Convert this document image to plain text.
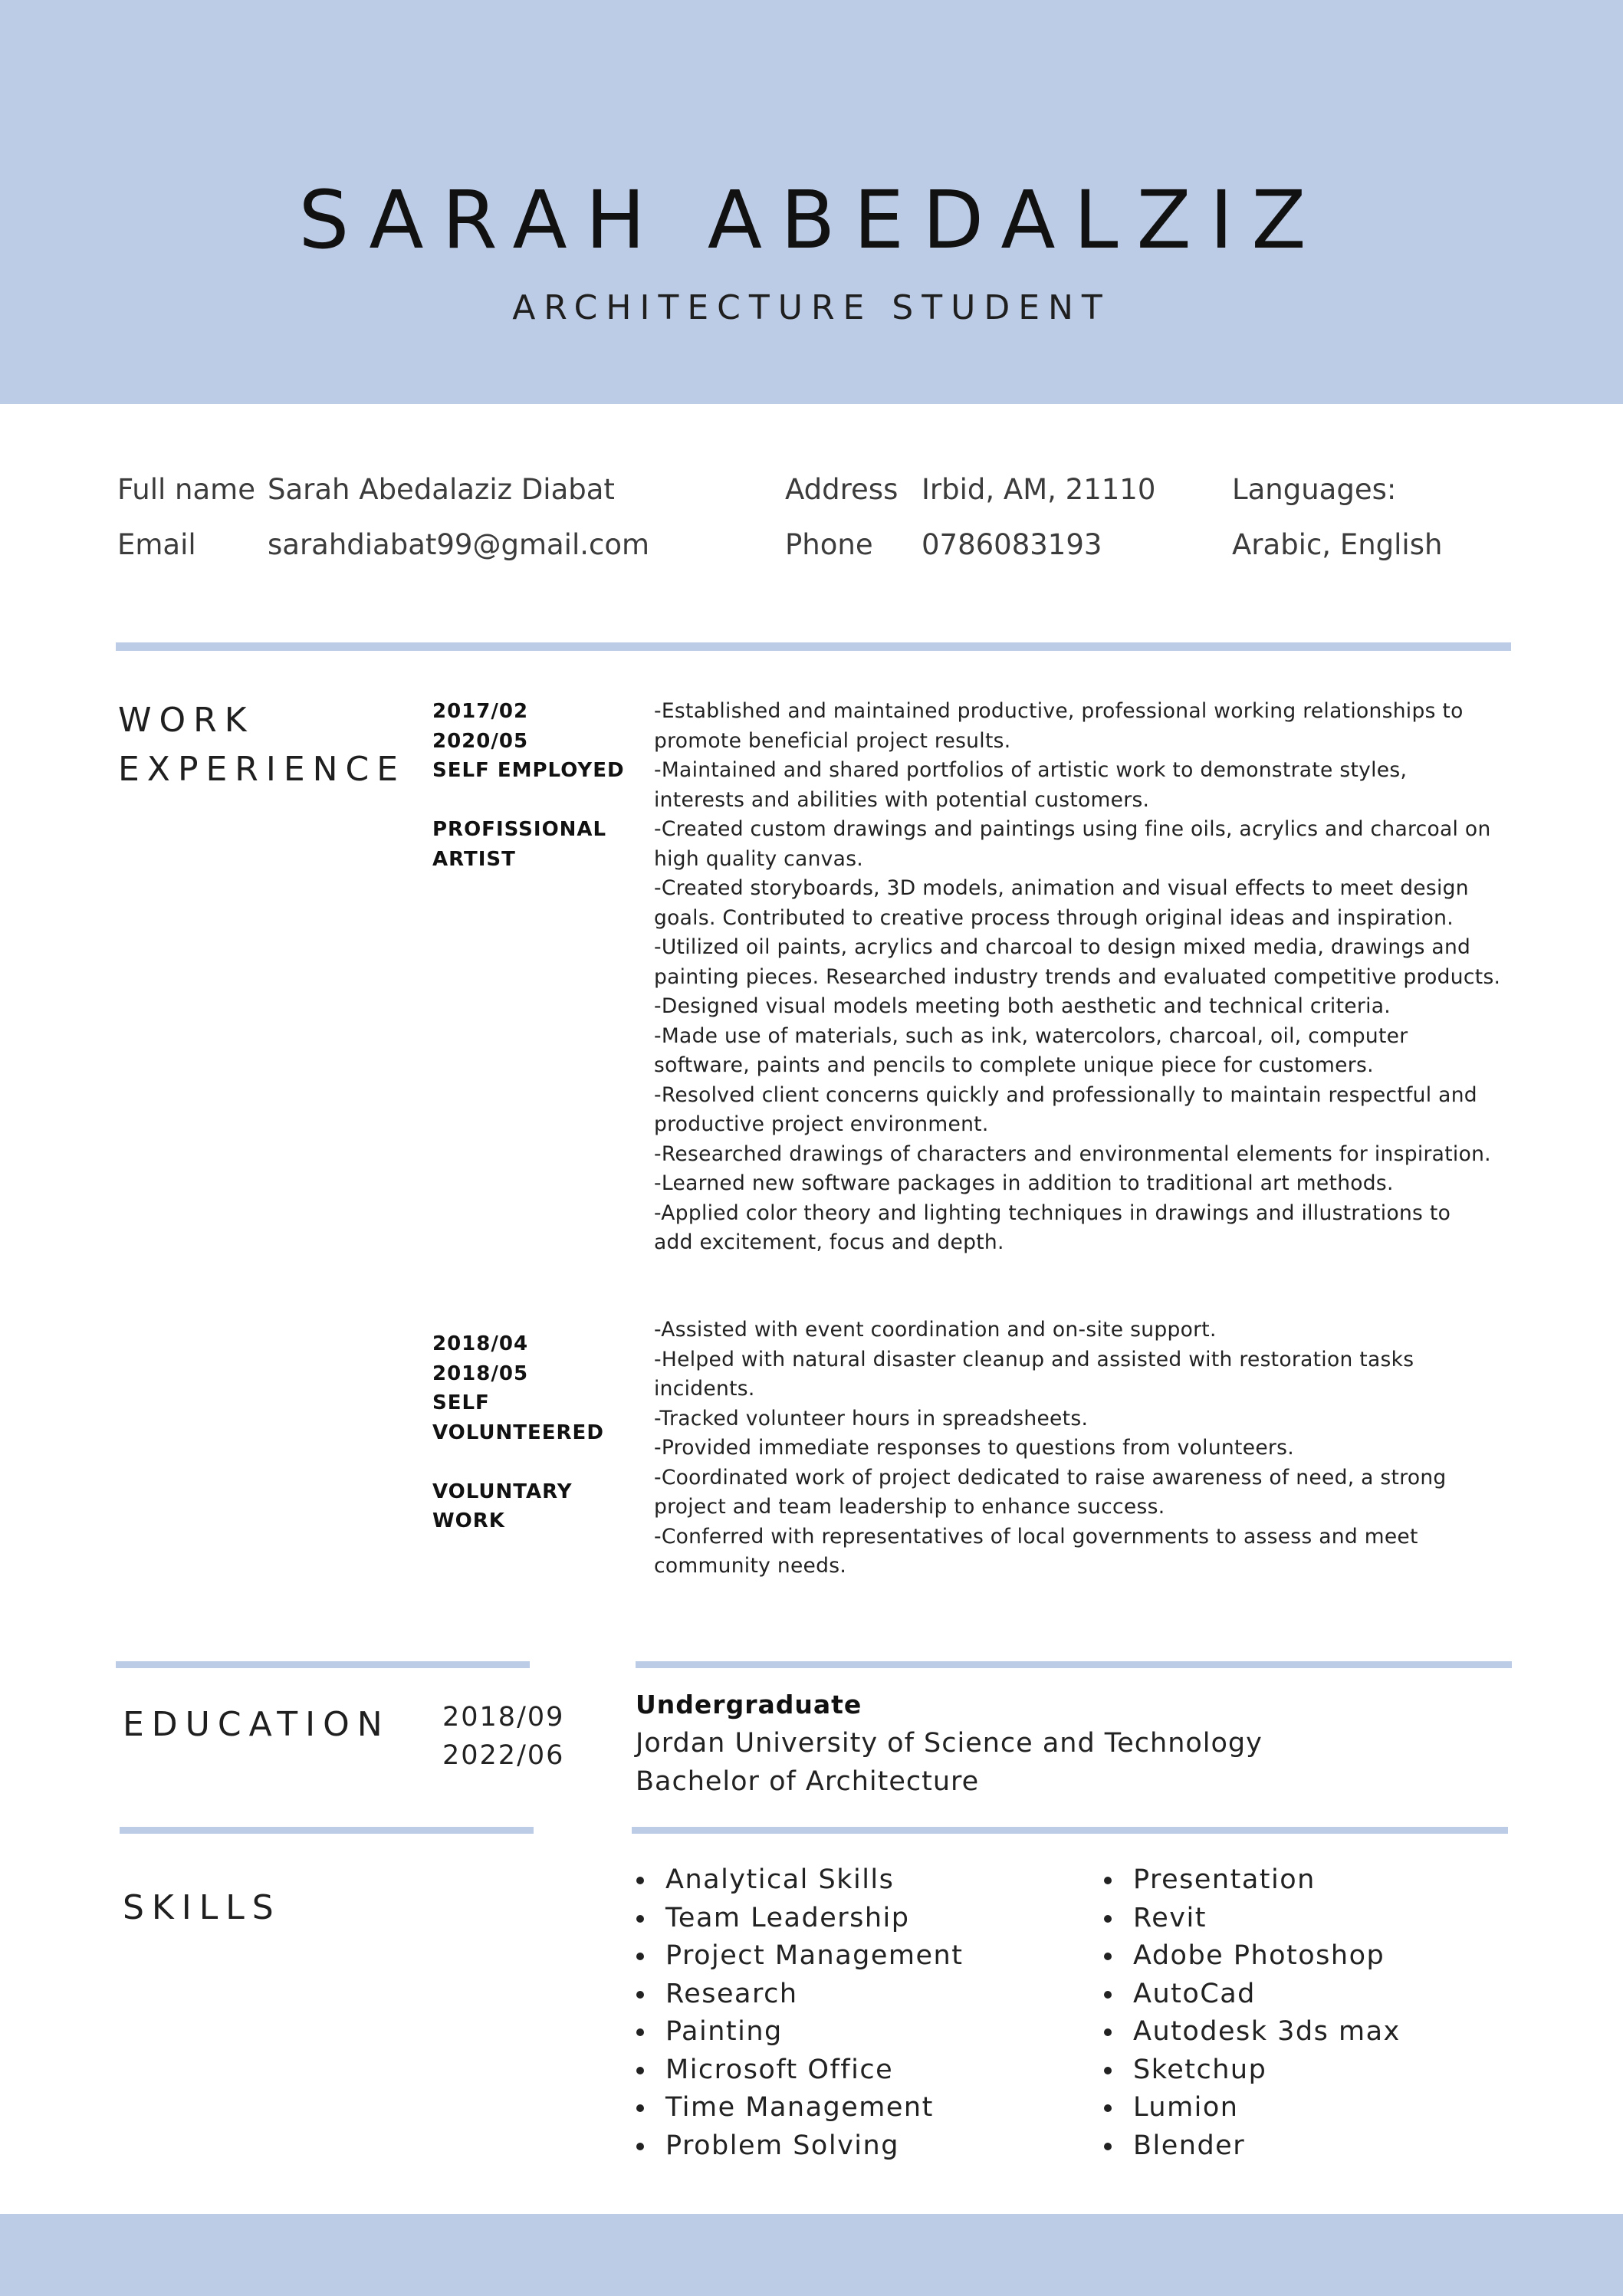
SARAH ABEDALZIZ
ARCHITECTURE STUDENT
Full name Sarah Abedalaziz Diabat
Email	sarahdiabat99@gmail.com
Address Irbid, AM, 21110
Phone 0786083193
Languages:
Arabic, English
WORK
EXPERIENCE
2017/02
2020/05
SELF EMPLOYED

PROFISSIONAL
ARTIST
-Established and maintained productive, professional working relationships to
promote beneficial project results.
-Maintained and shared portfolios of artistic work to demonstrate styles,
interests and abilities with potential customers.
-Created custom drawings and paintings using fine oils, acrylics and charcoal on
high quality canvas.
-Created storyboards, 3D models, animation and visual effects to meet design
goals. Contributed to creative process through original ideas and inspiration.
-Utilized oil paints, acrylics and charcoal to design mixed media, drawings and
painting pieces. Researched industry trends and evaluated competitive products.
-Designed visual models meeting both aesthetic and technical criteria.
-Made use of materials, such as ink, watercolors, charcoal, oil, computer
software, paints and pencils to complete unique piece for customers.
-Resolved client concerns quickly and professionally to maintain respectful and
productive project environment.
-Researched drawings of characters and environmental elements for inspiration.
-Learned new software packages in addition to traditional art methods.
-Applied color theory and lighting techniques in drawings and illustrations to
add excitement, focus and depth.
2018/04
2018/05
SELF
VOLUNTEERED

VOLUNTARY
WORK
-Assisted with event coordination and on-site support.
-Helped with natural disaster cleanup and assisted with restoration tasks
incidents.
-Tracked volunteer hours in spreadsheets.
-Provided immediate responses to questions from volunteers.
-Coordinated work of project dedicated to raise awareness of need, a strong
project and team leadership to enhance success.
-Conferred with representatives of local governments to assess and meet
community needs.
EDUCATION 2018/09
2022/06
Undergraduate
Jordan University of Science and Technology
Bachelor of Architecture
SKILLS
Analytical Skills
Team Leadership
Project Management
Research
Painting
Microsoft Office
Time Management
Problem Solving
Presentation
Revit
Adobe Photoshop
AutoCad
Autodesk 3ds max
Sketchup
Lumion
Blender
